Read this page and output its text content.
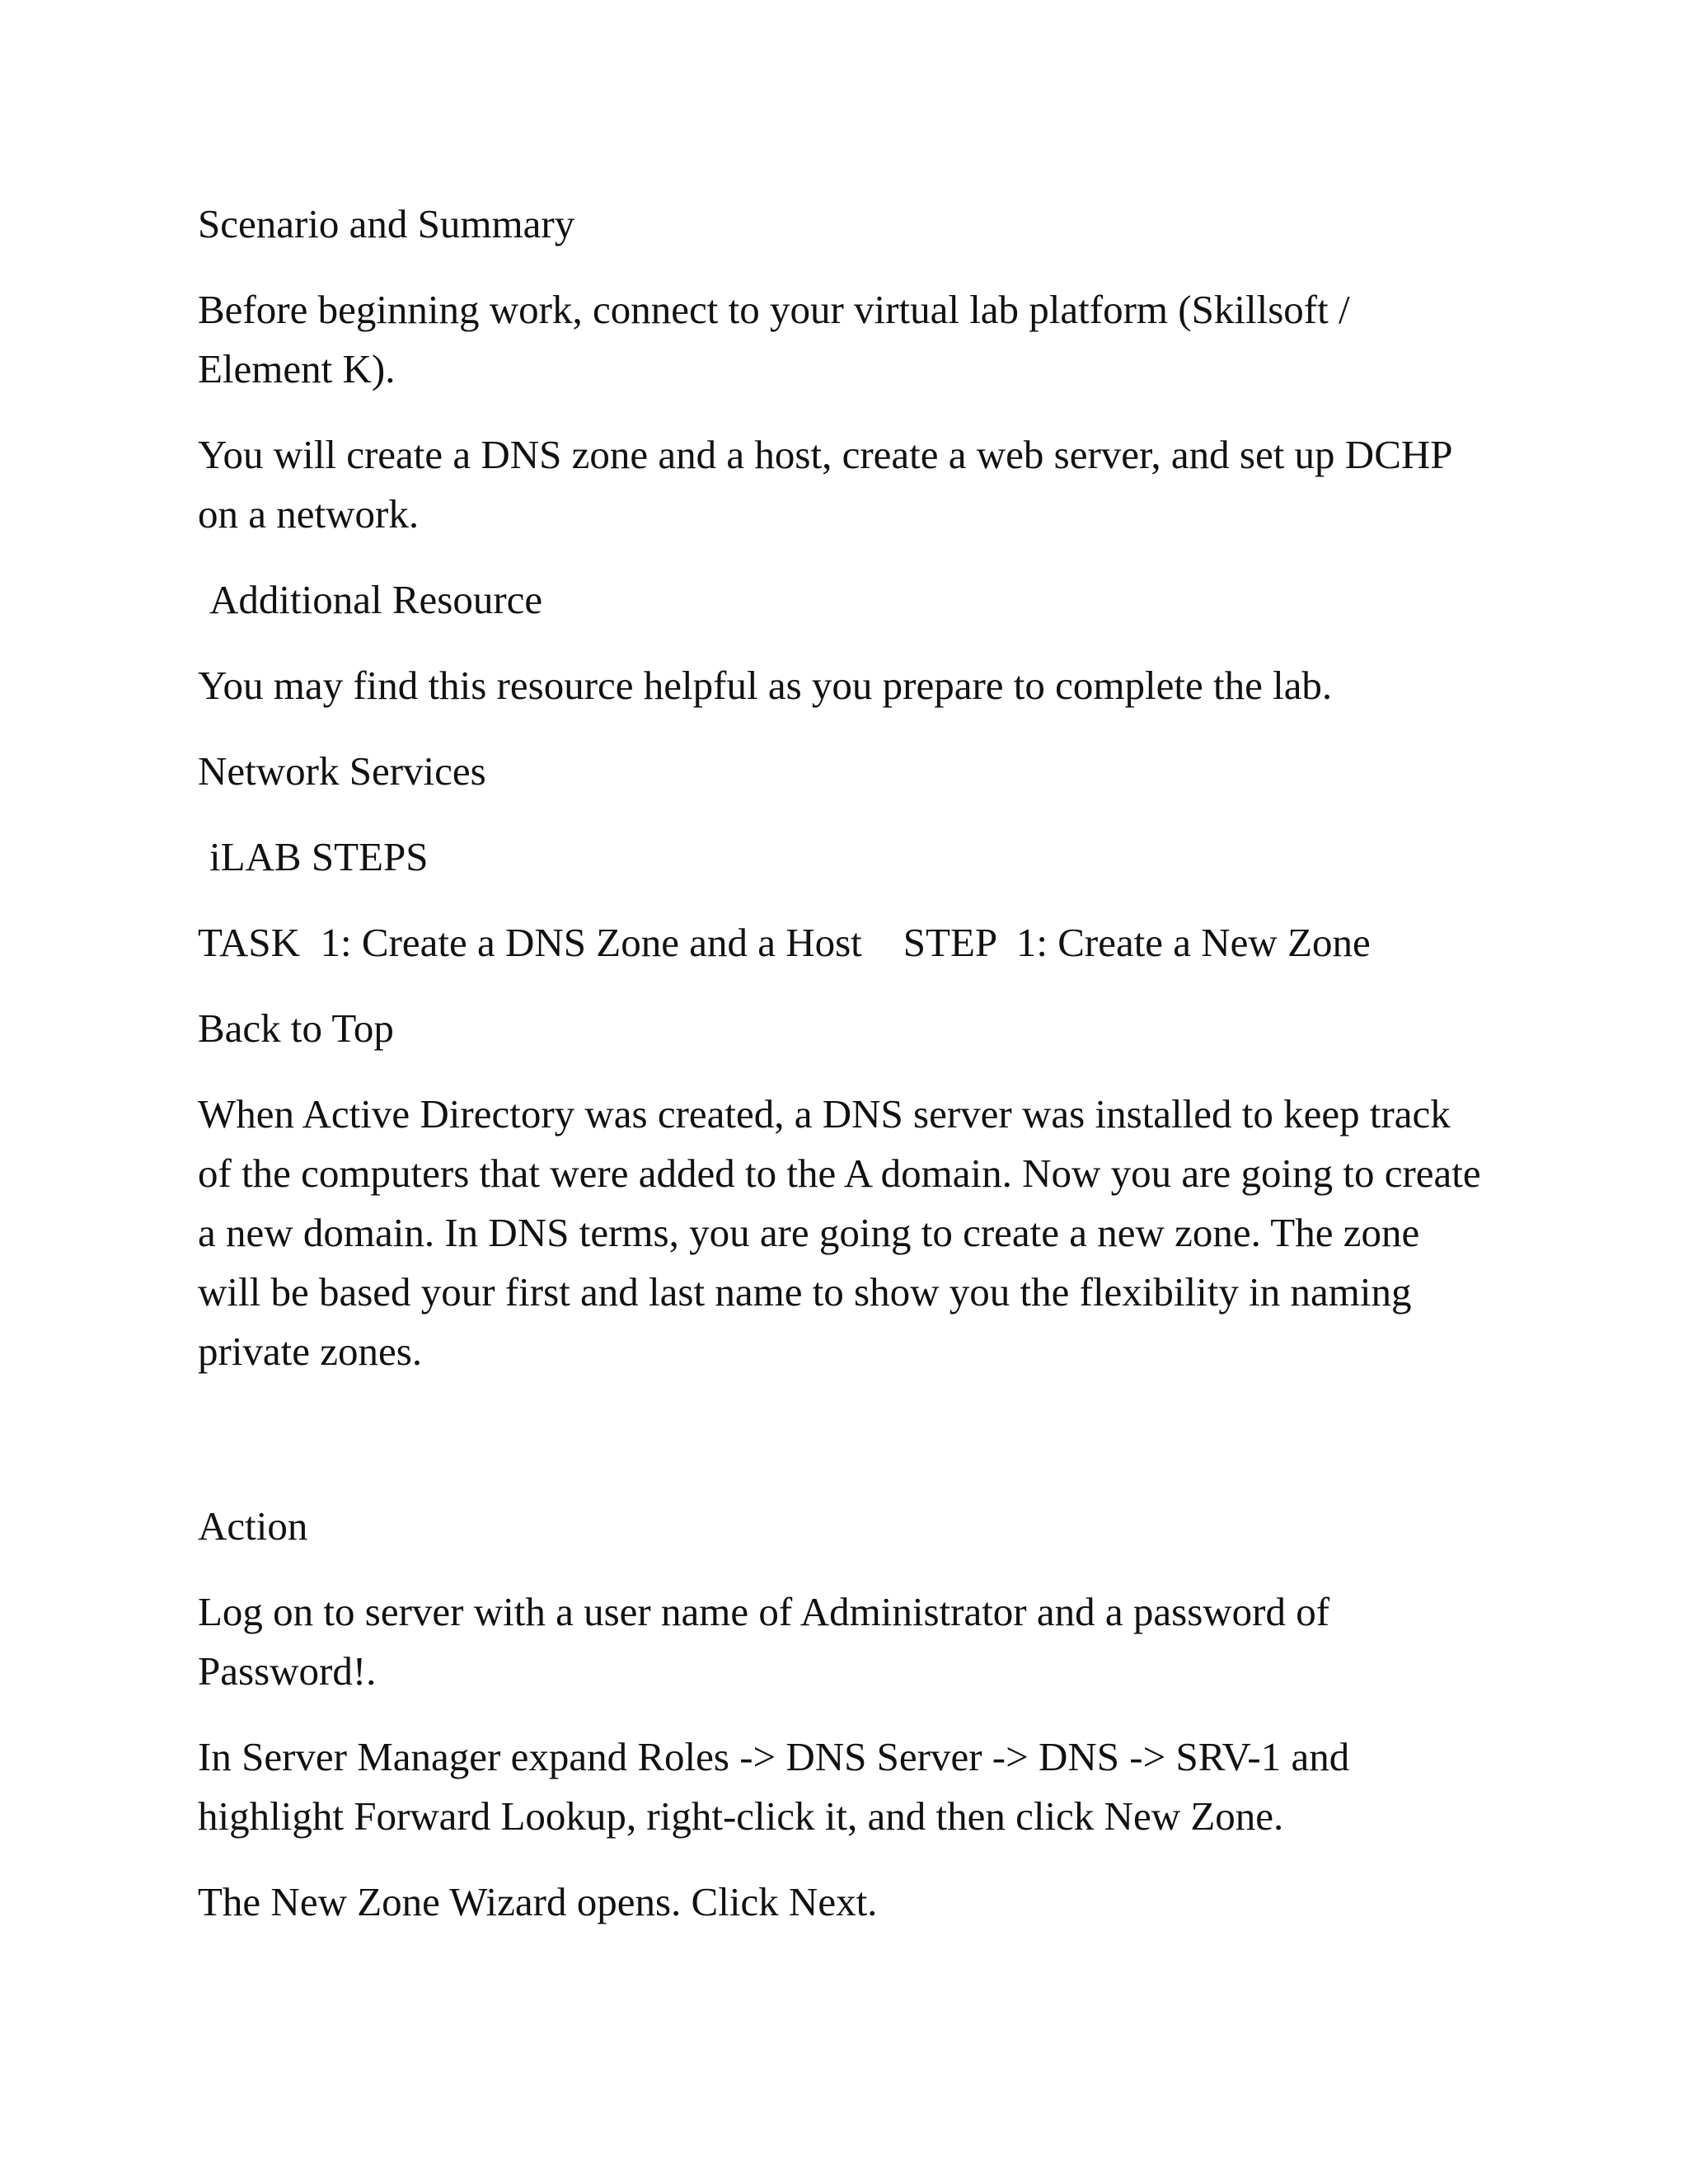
Scenario and Summary

Before beginning work, connect to your virtual lab platform (Skillsoft / Element K).

You will create a DNS zone and a host, create a web server, and set up DCHP on a network.

Additional Resource

You may find this resource helpful as you prepare to complete the lab.

Network Services

iLAB STEPS

TASK  1: Create a DNS Zone and a Host STEP  1: Create a New Zone

Back to Top

When Active Directory was created, a DNS server was installed to keep track of the computers that were added to the A domain. Now you are going to create a new domain. In DNS terms, you are going to create a new zone. The zone will be based your first and last name to show you the flexibility in naming private zones.

Action

Log on to server with a user name of Administrator and a password of Password!.

In Server Manager expand Roles -> DNS Server -> DNS -> SRV-1 and highlight Forward Lookup, right-click it, and then click New Zone.

The New Zone Wizard opens. Click Next.
